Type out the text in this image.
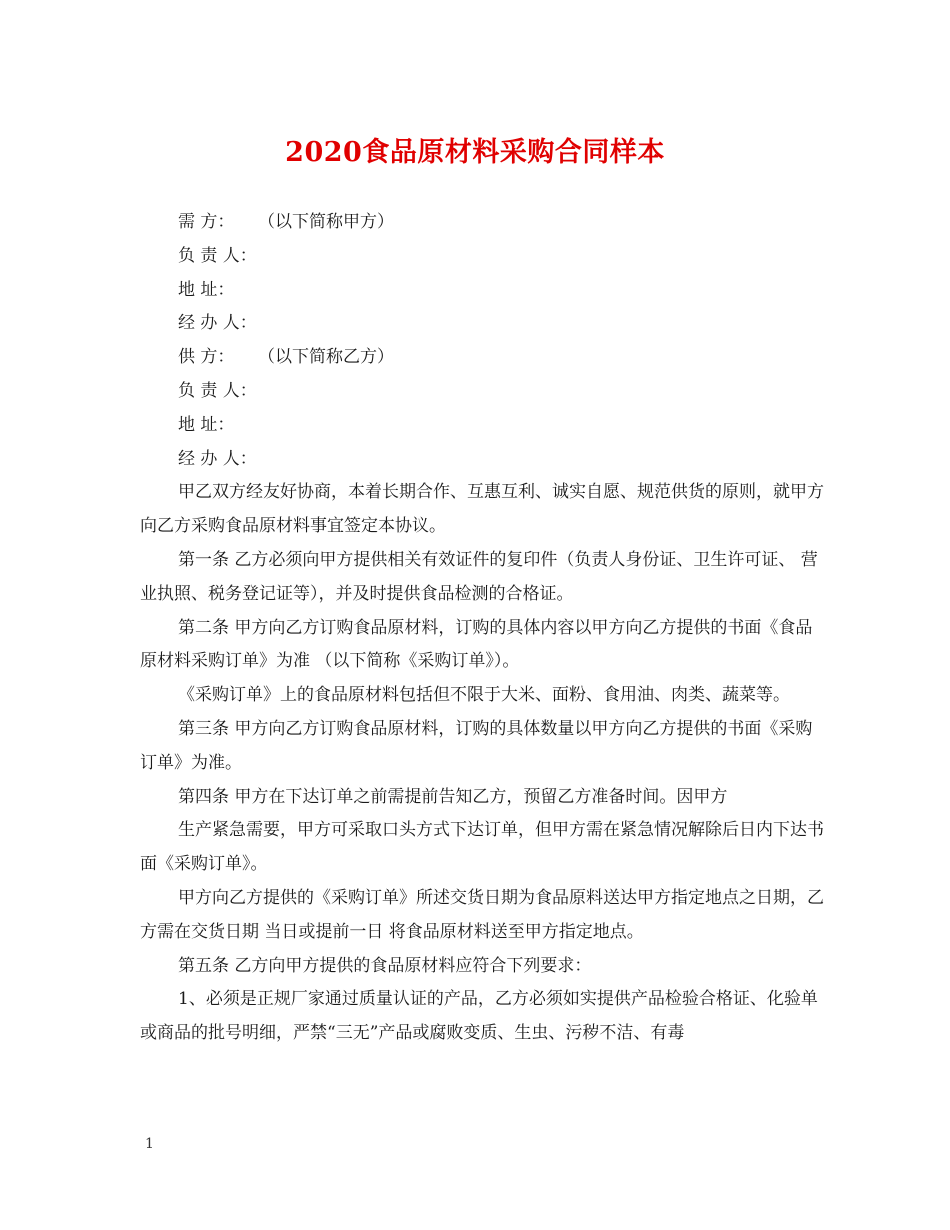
2020食品原材料采购合同样本

需 方： （以下简称甲方）

负 责 人：

地 址：

经 办 人：

供 方： （以下简称乙方）

负 责 人：

地 址：

经 办 人：

甲乙双方经友好协商，本着长期合作、互惠互利、诚实自愿、规范供货的原则，就甲方向乙方采购食品原材料事宜签定本协议。

第一条 乙方必须向甲方提供相关有效证件的复印件（负责人身份证、卫生许可证、 营业执照、税务登记证等），并及时提供食品检测的合格证。

第二条 甲方向乙方订购食品原材料，订购的具体内容以甲方向乙方提供的书面《食品原材料采购订单》为准 （以下简称《采购订单》）。

《采购订单》上的食品原材料包括但不限于大米、面粉、食用油、肉类、蔬菜等。

第三条 甲方向乙方订购食品原材料，订购的具体数量以甲方向乙方提供的书面《采购订单》为准。

第四条 甲方在下达订单之前需提前告知乙方，预留乙方准备时间。因甲方

生产紧急需要，甲方可采取口头方式下达订单，但甲方需在紧急情况解除后日内下达书面《采购订单》。

甲方向乙方提供的《采购订单》所述交货日期为食品原料送达甲方指定地点之日期，乙方需在交货日期 当日或提前一日 将食品原材料送至甲方指定地点。

第五条 乙方向甲方提供的食品原材料应符合下列要求：

1、必须是正规厂家通过质量认证的产品，乙方必须如实提供产品检验合格证、化验单或商品的批号明细，严禁“三无”产品或腐败变质、生虫、污秽不洁、有毒

1
